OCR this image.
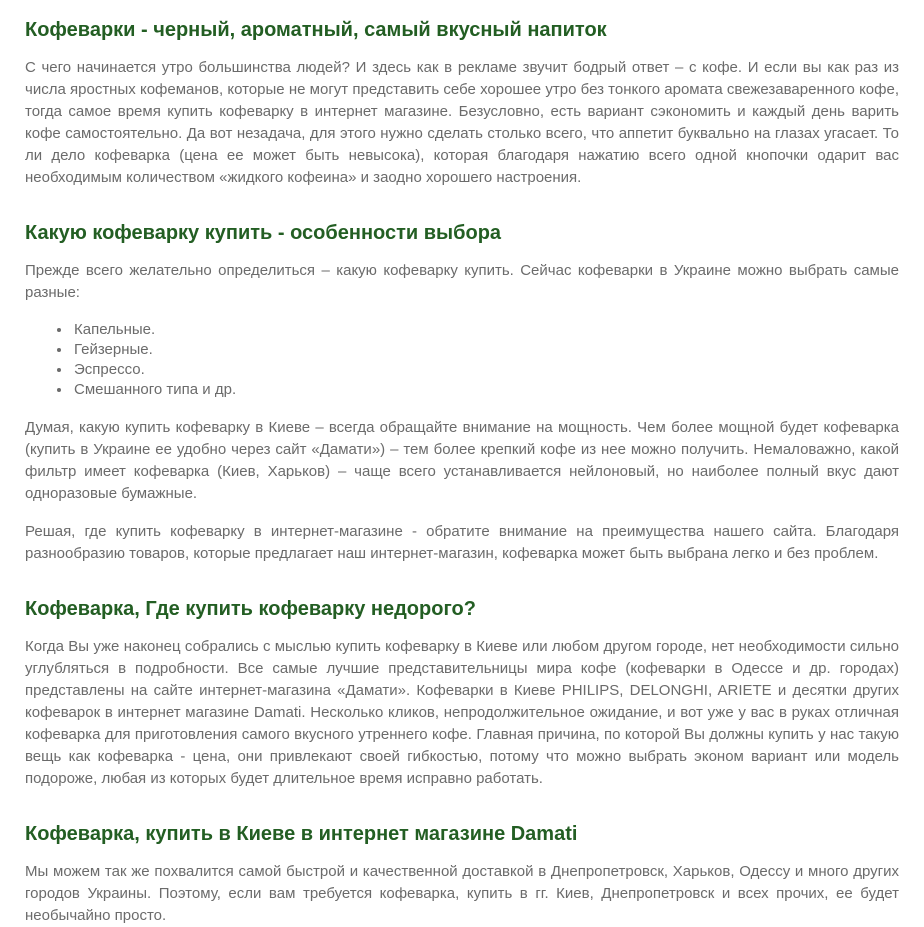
Кофеварки - черный, ароматный, самый вкусный напиток

С чего начинается утро большинства людей? И здесь как в рекламе звучит бодрый ответ – с кофе. И если вы как раз из числа яростных кофеманов, которые не могут представить себе хорошее утро без тонкого аромата свежезаваренного кофе, тогда самое время купить кофеварку в интернет магазине. Безусловно, есть вариант сэкономить и каждый день варить кофе самостоятельно. Да вот незадача, для этого нужно сделать столько всего, что аппетит буквально на глазах угасает. То ли дело кофеварка (цена ее может быть невысока), которая благодаря нажатию всего одной кнопочки одарит вас необходимым количеством «жидкого кофеина» и заодно хорошего настроения.

Какую кофеварку купить - особенности выбора

Прежде всего желательно определиться – какую кофеварку купить. Сейчас кофеварки в Украине можно выбрать самые разные:

• Капельные.
• Гейзерные.
• Эспрессо.
• Смешанного типа и др.

Думая, какую купить кофеварку в Киеве – всегда обращайте внимание на мощность. Чем более мощной будет кофеварка (купить в Украине ее удобно через сайт «Дамати») – тем более крепкий кофе из нее можно получить. Немаловажно, какой фильтр имеет кофеварка (Киев, Харьков) – чаще всего устанавливается нейлоновый, но наиболее полный вкус дают одноразовые бумажные.

Решая, где купить кофеварку в интернет-магазине - обратите внимание на преимущества нашего сайта. Благодаря разнообразию товаров, которые предлагает наш интернет-магазин, кофеварка может быть выбрана легко и без проблем.

Кофеварка, Где купить кофеварку недорого?

Когда Вы уже наконец собрались с мыслью купить кофеварку в Киеве или любом другом городе, нет необходимости сильно углубляться в подробности. Все самые лучшие представительницы мира кофе (кофеварки в Одессе и др. городах) представлены на сайте интернет-магазина «Дамати». Кофеварки в Киеве PHILIPS, DELONGHI, ARIETE и десятки других кофеварок в интернет магазине Damati. Несколько кликов, непродолжительное ожидание, и вот уже у вас в руках отличная кофеварка для приготовления самого вкусного утреннего кофе. Главная причина, по которой Вы должны купить у нас такую вещь как кофеварка - цена, они привлекают своей гибкостью, потому что можно выбрать эконом вариант или модель подороже, любая из которых будет длительное время исправно работать.

Кофеварка, купить в Киеве в интернет магазине Damati

Мы можем так же похвалится самой быстрой и качественной доставкой в Днепропетровск, Харьков, Одессу и много других городов Украины. Поэтому, если вам требуется кофеварка, купить в гг. Киев, Днепропетровск и всех прочих, ее будет необычайно просто.
